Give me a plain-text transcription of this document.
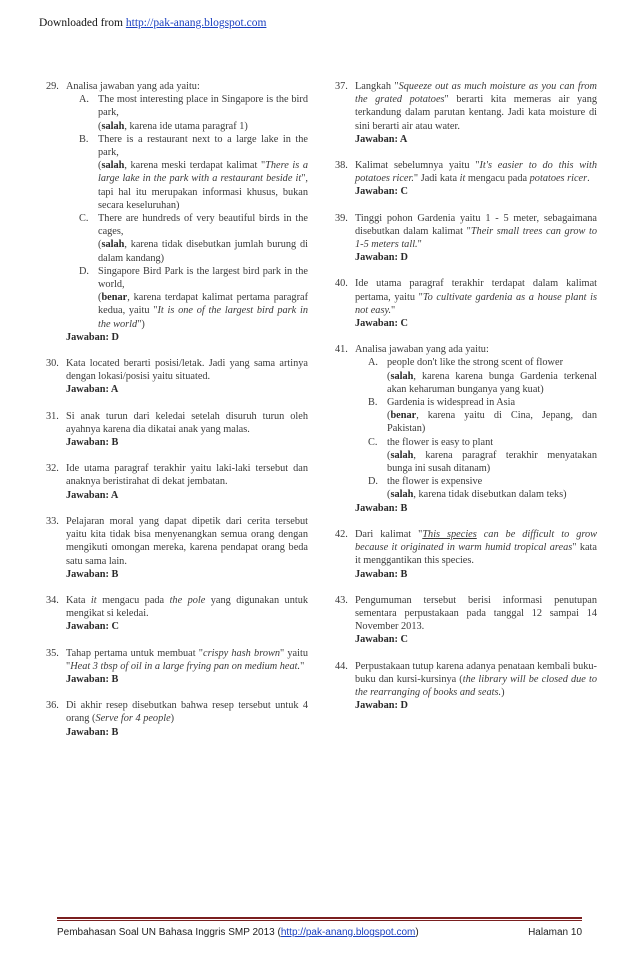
Downloaded from http://pak-anang.blogspot.com
29. Analisa jawaban yang ada yaitu:

A. The most interesting place in Singapore is the bird park,

(salah, karena ide utama paragraf 1)

B. There is a restaurant next to a large lake in the park,

(salah, karena meski terdapat kalimat "There is a large lake in the park with a restaurant beside it", tapi hal itu merupakan informasi khusus, bukan secara keseluruhan)

C. There are hundreds of very beautiful birds in the cages,

(salah, karena tidak disebutkan jumlah burung di dalam kandang)

D. Singapore Bird Park is the largest bird park in the world,

(benar, karena terdapat kalimat pertama paragraf kedua, yaitu "It is one of the largest bird park in the world")

Jawaban: D

30. Kata located berarti posisi/letak. Jadi yang sama artinya dengan lokasi/posisi yaitu situated.

Jawaban: A

31. Si anak turun dari keledai setelah disuruh turun oleh ayahnya karena dia dikatai anak yang malas.

Jawaban: B

32. Ide utama paragraf terakhir yaitu laki-laki tersebut dan anaknya beristirahat di dekat jembatan.

Jawaban: A

33. Pelajaran moral yang dapat dipetik dari cerita tersebut yaitu kita tidak bisa menyenangkan semua orang dengan mengikuti omongan mereka, karena pendapat orang beda satu sama lain.

Jawaban: B

34. Kata it mengacu pada the pole yang digunakan untuk mengikat si keledai.

Jawaban: C

35. Tahap pertama untuk membuat "crispy hash brown" yaitu "Heat 3 tbsp of oil in a large frying pan on medium heat."

Jawaban: B

36. Di akhir resep disebutkan bahwa resep tersebut untuk 4 orang (Serve for 4 people)

Jawaban: B

37. Langkah "Squeeze out as much moisture as you can from the grated potatoes" berarti kita memeras air yang terkandung dalam parutan kentang. Jadi kata moisture di sini berarti air atau water.

Jawaban: A

38. Kalimat sebelumnya yaitu "It's easier to do this with potatoes ricer." Jadi kata it mengacu pada potatoes ricer.

Jawaban: C

39. Tinggi pohon Gardenia yaitu 1 - 5 meter, sebagaimana disebutkan dalam kalimat "Their small trees can grow to 1-5 meters tall."

Jawaban: D

40. Ide utama paragraf terakhir terdapat dalam kalimat pertama, yaitu "To cultivate gardenia as a house plant is not easy."

Jawaban: C

41. Analisa jawaban yang ada yaitu:

A. people don't like the strong scent of flower

(salah, karena karena bunga Gardenia terkenal akan keharuman bunganya yang kuat)

B. Gardenia is widespread in Asia

(benar, karena yaitu di Cina, Jepang, dan Pakistan)

C. the flower is easy to plant

(salah, karena paragraf terakhir menyatakan bunga ini susah ditanam)

D. the flower is expensive

(salah, karena tidak disebutkan dalam teks)

Jawaban: B

42. Dari kalimat "This species can be difficult to grow because it originated in warm humid tropical areas" kata it menggantikan this species.

Jawaban: B

43. Pengumuman tersebut berisi informasi penutupan sementara perpustakaan pada tanggal 12 sampai 14 November 2013.

Jawaban: C

44. Perpustakaan tutup karena adanya penataan kembali buku-buku dan kursi-kursinya (the library will be closed due to the rearranging of books and seats.)

Jawaban: D

Pembahasan Soal UN Bahasa Inggris SMP 2013 (http://pak-anang.blogspot.com)	Halaman 10
